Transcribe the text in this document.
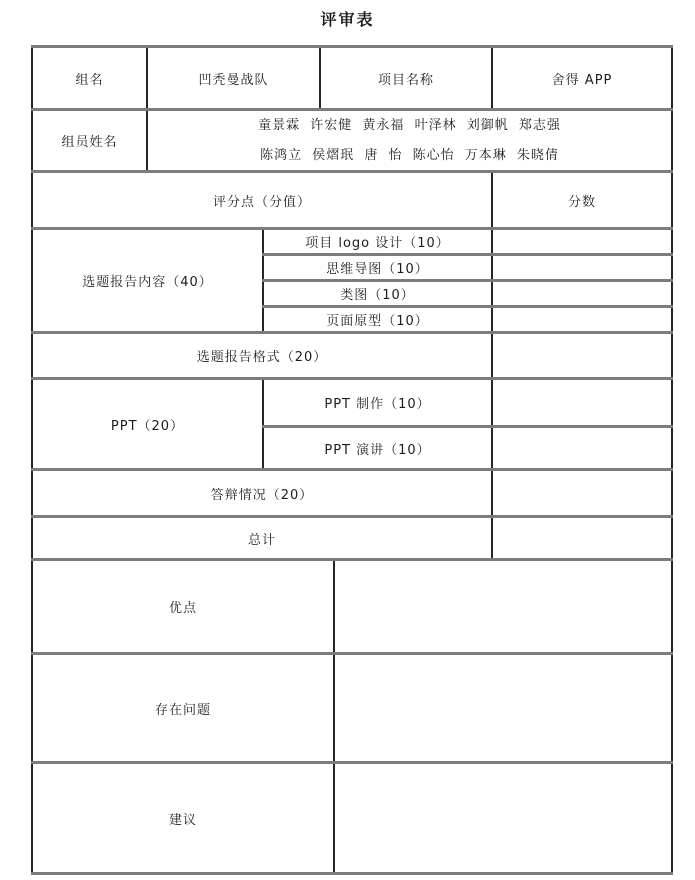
评审表
组名	凹秃曼战队		项目名称		舍得 APP
组员姓名	童景霖 许宏健 黄永福 叶泽林 刘御帆 郑志强
陈鸿立 侯熠珉 唐 怡 陈心怡 万本琳 朱晓倩				

评分点（分值）					分数
选题报告内容（40）		项目 logo 设计（10）			
		思维导图（10）			
		类图（10）			
		页面原型（10）			
选题报告格式（20）					
PPT（20）		PPT 制作（10）			
		PPT 演讲（10）			
答辩情况（20）					
总计					
优点					
存在问题					
建议					
